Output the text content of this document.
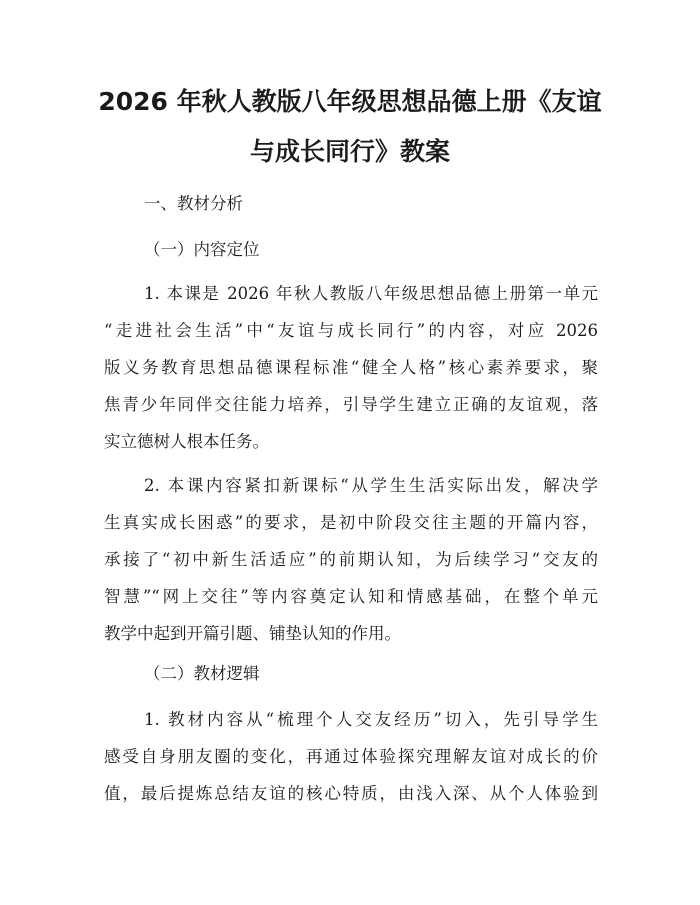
2026 年秋人教版八年级思想品德上册《友谊
与成长同行》教案

一、教材分析

（一）内容定位

1. 本课是 2026 年秋人教版八年级思想品德上册第一单元
“走进社会生活”中“友谊与成长同行”的内容，对应 2026
版义务教育思想品德课程标准“健全人格”核心素养要求，聚
焦青少年同伴交往能力培养，引导学生建立正确的友谊观，落
实立德树人根本任务。
2. 本课内容紧扣新课标“从学生生活实际出发，解决学
生真实成长困惑”的要求，是初中阶段交往主题的开篇内容，
承接了“初中新生活适应”的前期认知，为后续学习“交友的
智慧”“网上交往”等内容奠定认知和情感基础，在整个单元
教学中起到开篇引题、铺垫认知的作用。

（二）教材逻辑

1. 教材内容从“梳理个人交友经历”切入，先引导学生
感受自身朋友圈的变化，再通过体验探究理解友谊对成长的价
值，最后提炼总结友谊的核心特质，由浅入深、从个人体验到
